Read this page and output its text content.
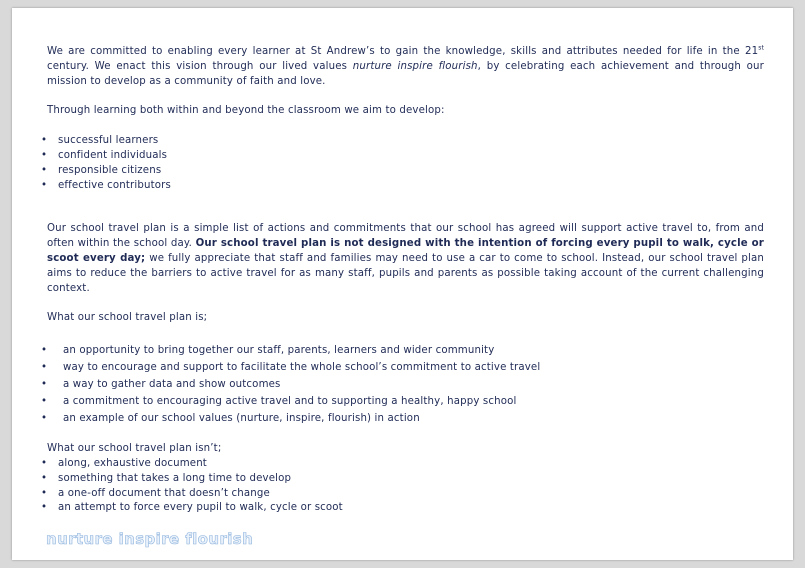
We are committed to enabling every learner at St Andrew’s to gain the knowledge, skills and attributes needed for life in the 21st century. We enact this vision through our lived values nurture inspire flourish, by celebrating each achievement and through our mission to develop as a community of faith and love.

Through learning both within and beyond the classroom we aim to develop:

• successful learners
• confident individuals
• responsible citizens
• effective contributors

Our school travel plan is a simple list of actions and commitments that our school has agreed will support active travel to, from and often within the school day. Our school travel plan is not designed with the intention of forcing every pupil to walk, cycle or scoot every day; we fully appreciate that staff and families may need to use a car to come to school. Instead, our school travel plan aims to reduce the barriers to active travel for as many staff, pupils and parents as possible taking account of the current challenging context.

What our school travel plan is;

• an opportunity to bring together our staff, parents, learners and wider community
• way to encourage and support to facilitate the whole school’s commitment to active travel
• a way to gather data and show outcomes
• a commitment to encouraging active travel and to supporting a healthy, happy school
• an example of our school values (nurture, inspire, flourish) in action

What our school travel plan isn’t;

• along, exhaustive document
• something that takes a long time to develop
• a one-off document that doesn’t change
• an attempt to force every pupil to walk, cycle or scoot
nurture inspire flourish
